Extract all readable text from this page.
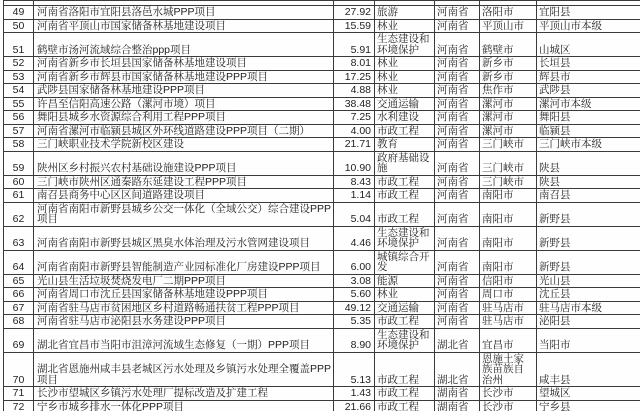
49	河南省洛阳市宜阳县洛邑水城PPP项目	27.92	旅游	河南省	洛阳市	宜阳县
50	河南省平顶山市国家储备林基地建设项目	15.59	林业	河南省	平顶山市	平顶山市本级
51	鹤壁市汤河流域综合整治ppp项目	5.91	生态建设和环境保护	河南省	鹤壁市	山城区
52	河南省新乡市长垣县国家储备林基地建设项目	8.01	林业	河南省	新乡市	长垣县
53	河南省新乡市辉县市国家储备林基地建设PPP项目	17.25	林业	河南省	新乡市	辉县市
54	武陟县国家储备林基地建设PPP项目	4.88	林业	河南省	焦作市	武陟县
55	许昌至信阳高速公路（漯河市境）项目	38.48	交通运输	河南省	漯河市	漯河市本级
56	舞阳县城乡水资源综合利用工程PPP项目	7.25	水利建设	河南省	漯河市	舞阳县
57	河南省漯河市临颍县城区外环线道路建设PPP项目（二期）	4.00	市政工程	河南省	漯河市	临颍县
58	三门峡职业技术学院新校区建设	21.71	教育	河南省	三门峡市	三门峡市本级
59	陕州区乡村振兴农村基础设施建设PPP项目	10.90	政府基础设施	河南省	三门峡市	陕县
60	三门峡市陕州区通秦路东延建设工程PPP项目	8.43	市政工程	河南省	三门峡市	陕县
61	南召县商务中心区区间道路建设项目	1.14	市政工程	河南省	南阳市	南召县
62	河南省南阳市新野县城乡公交一体化（全域公交）综合建设PPP项目	5.04	市政工程	河南省	南阳市	新野县
63	河南省南阳市新野县城区黑臭水体治理及污水管网建设项目	4.46	生态建设和环境保护	河南省	南阳市	新野县
64	河南省南阳市新野县智能制造产业园标准化厂房建设PPP项目	6.00	城镇综合开发	河南省	南阳市	新野县
65	光山县生活垃圾焚烧发电厂二期PPP项目	3.08	能源	河南省	信阳市	光山县
66	河南省周口市沈丘县国家储备林基地建设PPP项目	5.60	林业	河南省	周口市	沈丘县
67	河南省驻马店市贫困地区乡村道路畅通扶贫工程PPP项目	49.12	交通运输	河南省	驻马店市	驻马店市本级
68	河南省驻马店市泌阳县水务建设PPP项目	5.35	市政工程	河南省	驻马店市	泌阳县
69	湖北省宜昌市当阳市沮漳河流域生态修复（一期）PPP项目	8.90	生态建设和环境保护	湖北省	宜昌市	当阳市
70	湖北省恩施州咸丰县老城区污水处理及乡镇污水处理全覆盖PPP项目	5.13	市政工程	湖北省	恩施土家族苗族自治州	咸丰县
71	长沙市望城区乡镇污水处理厂提标改造及扩建工程	1.43	市政工程	湖南省	长沙市	望城区
72	宁乡市城乡排水一体化PPP项目	21.66	市政工程	湖南省	长沙市	宁乡县
